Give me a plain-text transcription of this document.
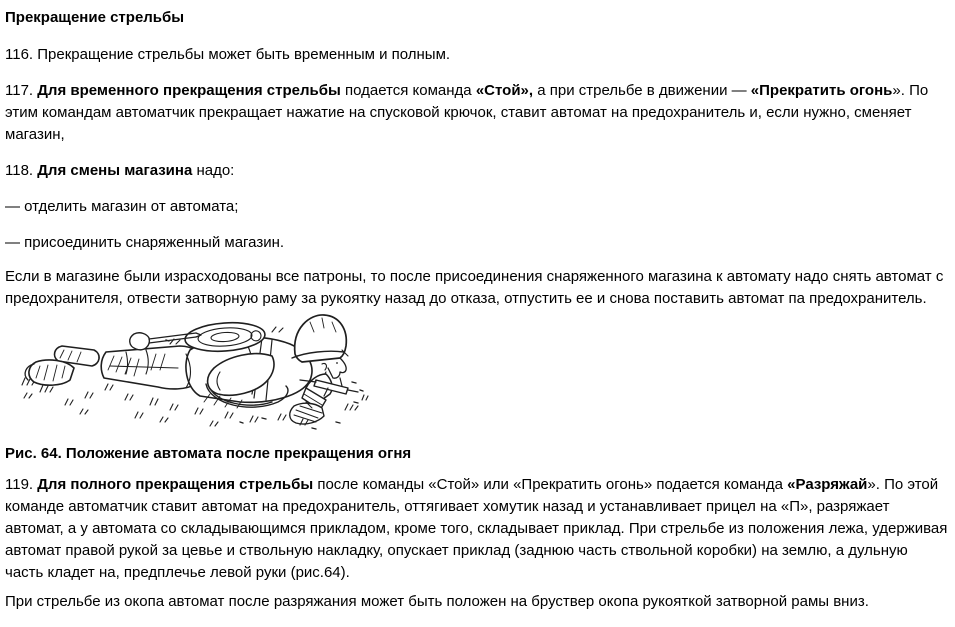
Прекращение стрельбы

116. Прекращение стрельбы может быть временным и полным.

117. Для временного прекращения стрельбы подается команда «Стой», а при стрельбе в движении — «Прекратить огонь». По этим командам автоматчик прекращает нажатие на спусковой крючок, ставит автомат на предохранитель и, если нужно, сменяет магазин,

118. Для смены магазина надо:

— отделить магазин от автомата;

— присоединить снаряженный магазин.

Если в магазине были израсходованы все патроны, то после присоединения снаряженного магазина к автомату надо снять автомат с предохранителя, отвести затворную раму за рукоятку назад до отказа, отпустить ее и снова поставить автомат па предохранитель.

Рис. 64. Положение автомата после прекращения огня

119. Для полного прекращения стрельбы после команды «Стой» или «Прекратить огонь» подается команда «Разряжай». По этой команде автоматчик ставит автомат на предохранитель, оттягивает хомутик назад и устанавливает прицел на «П», разряжает автомат, а у автомата со складывающимся прикладом, кроме того, складывает приклад. При стрельбе из положения лежа, удерживая автомат правой рукой за цевье и ствольную накладку, опускает приклад (заднюю часть ствольной коробки) на землю, а дульную часть кладет на, предплечье левой руки (рис.64).

При стрельбе из окопа автомат после разряжания может быть положен на бруствер окопа рукояткой затворной рамы вниз.
